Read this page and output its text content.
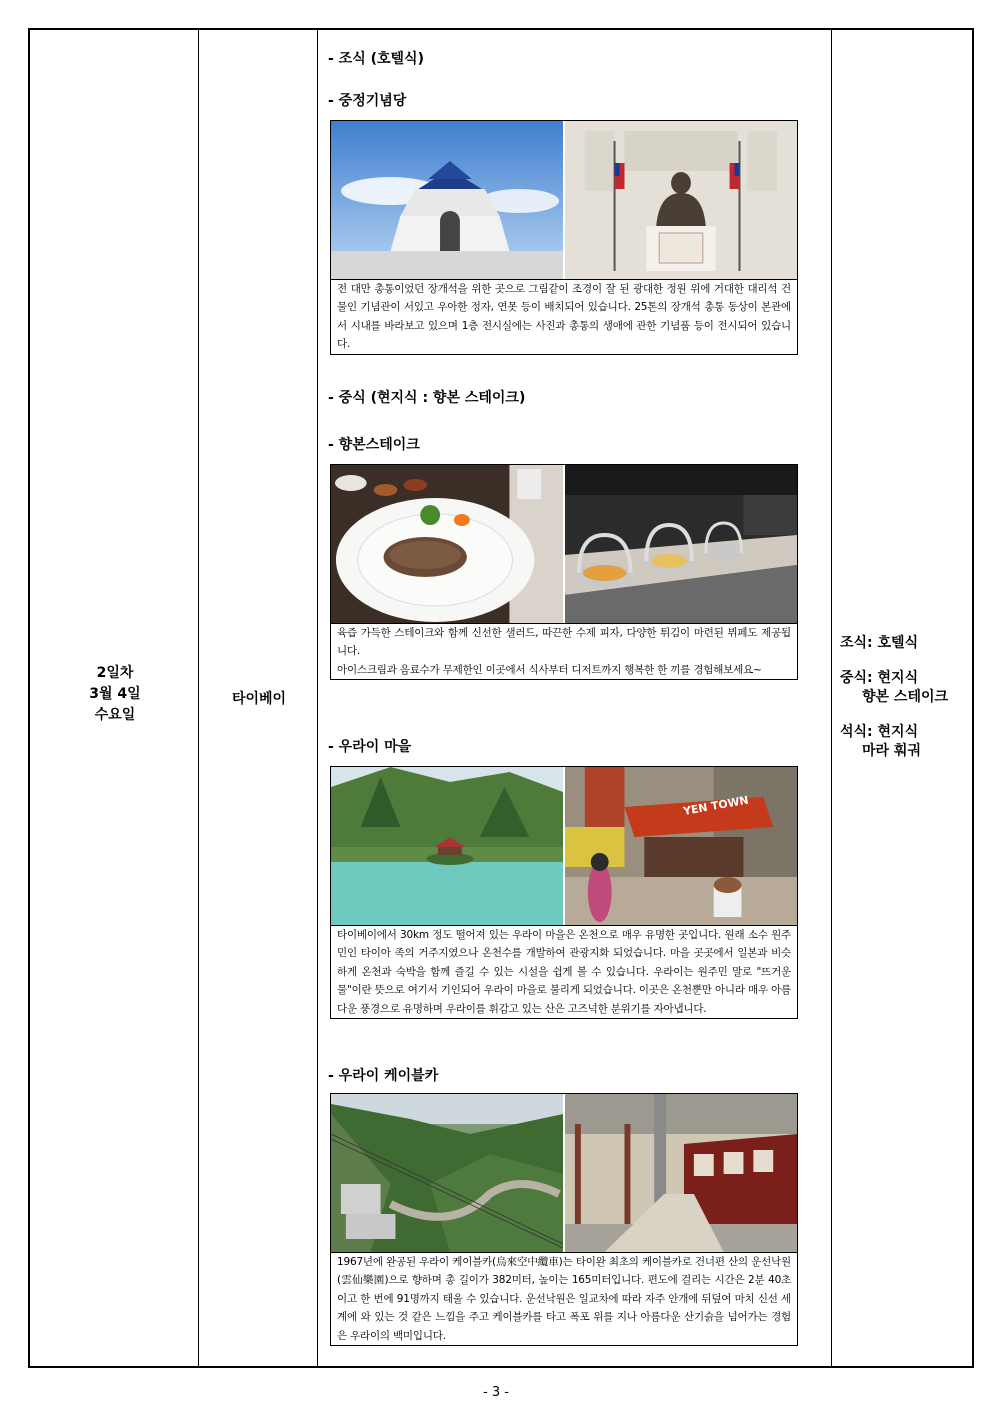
2일차
3월 4일
수요일
타이베이
- 조식 (호텔식)
- 중정기념당
전 대만 총통이었던 장개석을 위한 곳으로 그림같이 조경이 잘 된 광대한 정원 위에 거대한 대리석 건물인 기념관이 서있고 우아한 정자, 연못 등이 배치되어 있습니다. 25톤의 장개석 총통 동상이 본관에서 시내를 바라보고 있으며 1층 전시실에는 사진과 총통의 생애에 관한 기념품 등이 전시되어 있습니다.
- 중식 (현지식 : 향본 스테이크)
- 향본스테이크
육즙 가득한 스테이크와 함께 신선한 샐러드, 따끈한 수제 피자, 다양한 튀김이 마련된 뷔페도 제공됩니다.
아이스크림과 음료수가 무제한인 이곳에서 식사부터 디저트까지 행복한 한 끼를 경험해보세요~
- 우라이 마을
YEN TOWN
타이베이에서 30km 정도 떨어져 있는 우라이 마을은 온천으로 매우 유명한 곳입니다. 원래 소수 원주민인 타이아 족의 거주지였으나 온천수를 개발하여 관광지화 되었습니다. 마을 곳곳에서 일본과 비슷하게 온천과 숙박을 함께 즐길 수 있는 시설을 쉽게 볼 수 있습니다. 우라이는 원주민 말로 "뜨거운 물"이란 뜻으로 여기서 기인되어 우라이 마을로 불리게 되었습니다. 이곳은 온천뿐만 아니라 매우 아름다운 풍경으로 유명하며 우라이를 휘감고 있는 산은 고즈넉한 분위기를 자아냅니다.
- 우라이 케이블카
1967년에 완공된 우라이 케이블카(烏來空中纜車)는 타이완 최초의 케이블카로 건너편 산의 운선낙원(雲仙樂園)으로 향하며 총 길이가 382미터, 높이는 165미터입니다. 편도에 걸리는 시간은 2분 40초이고 한 번에 91명까지 태울 수 있습니다. 운선낙원은 일교차에 따라 자주 안개에 뒤덮여 마치 신선 세계에 와 있는 것 같은 느낌을 주고 케이블카를 타고 폭포 위를 지나 아름다운 산기슭을 넘어가는 경험은 우라이의 백미입니다.
조식: 호텔식
중식: 현지식
향본 스테이크
석식: 현지식
마라 훠궈
- 3 -
